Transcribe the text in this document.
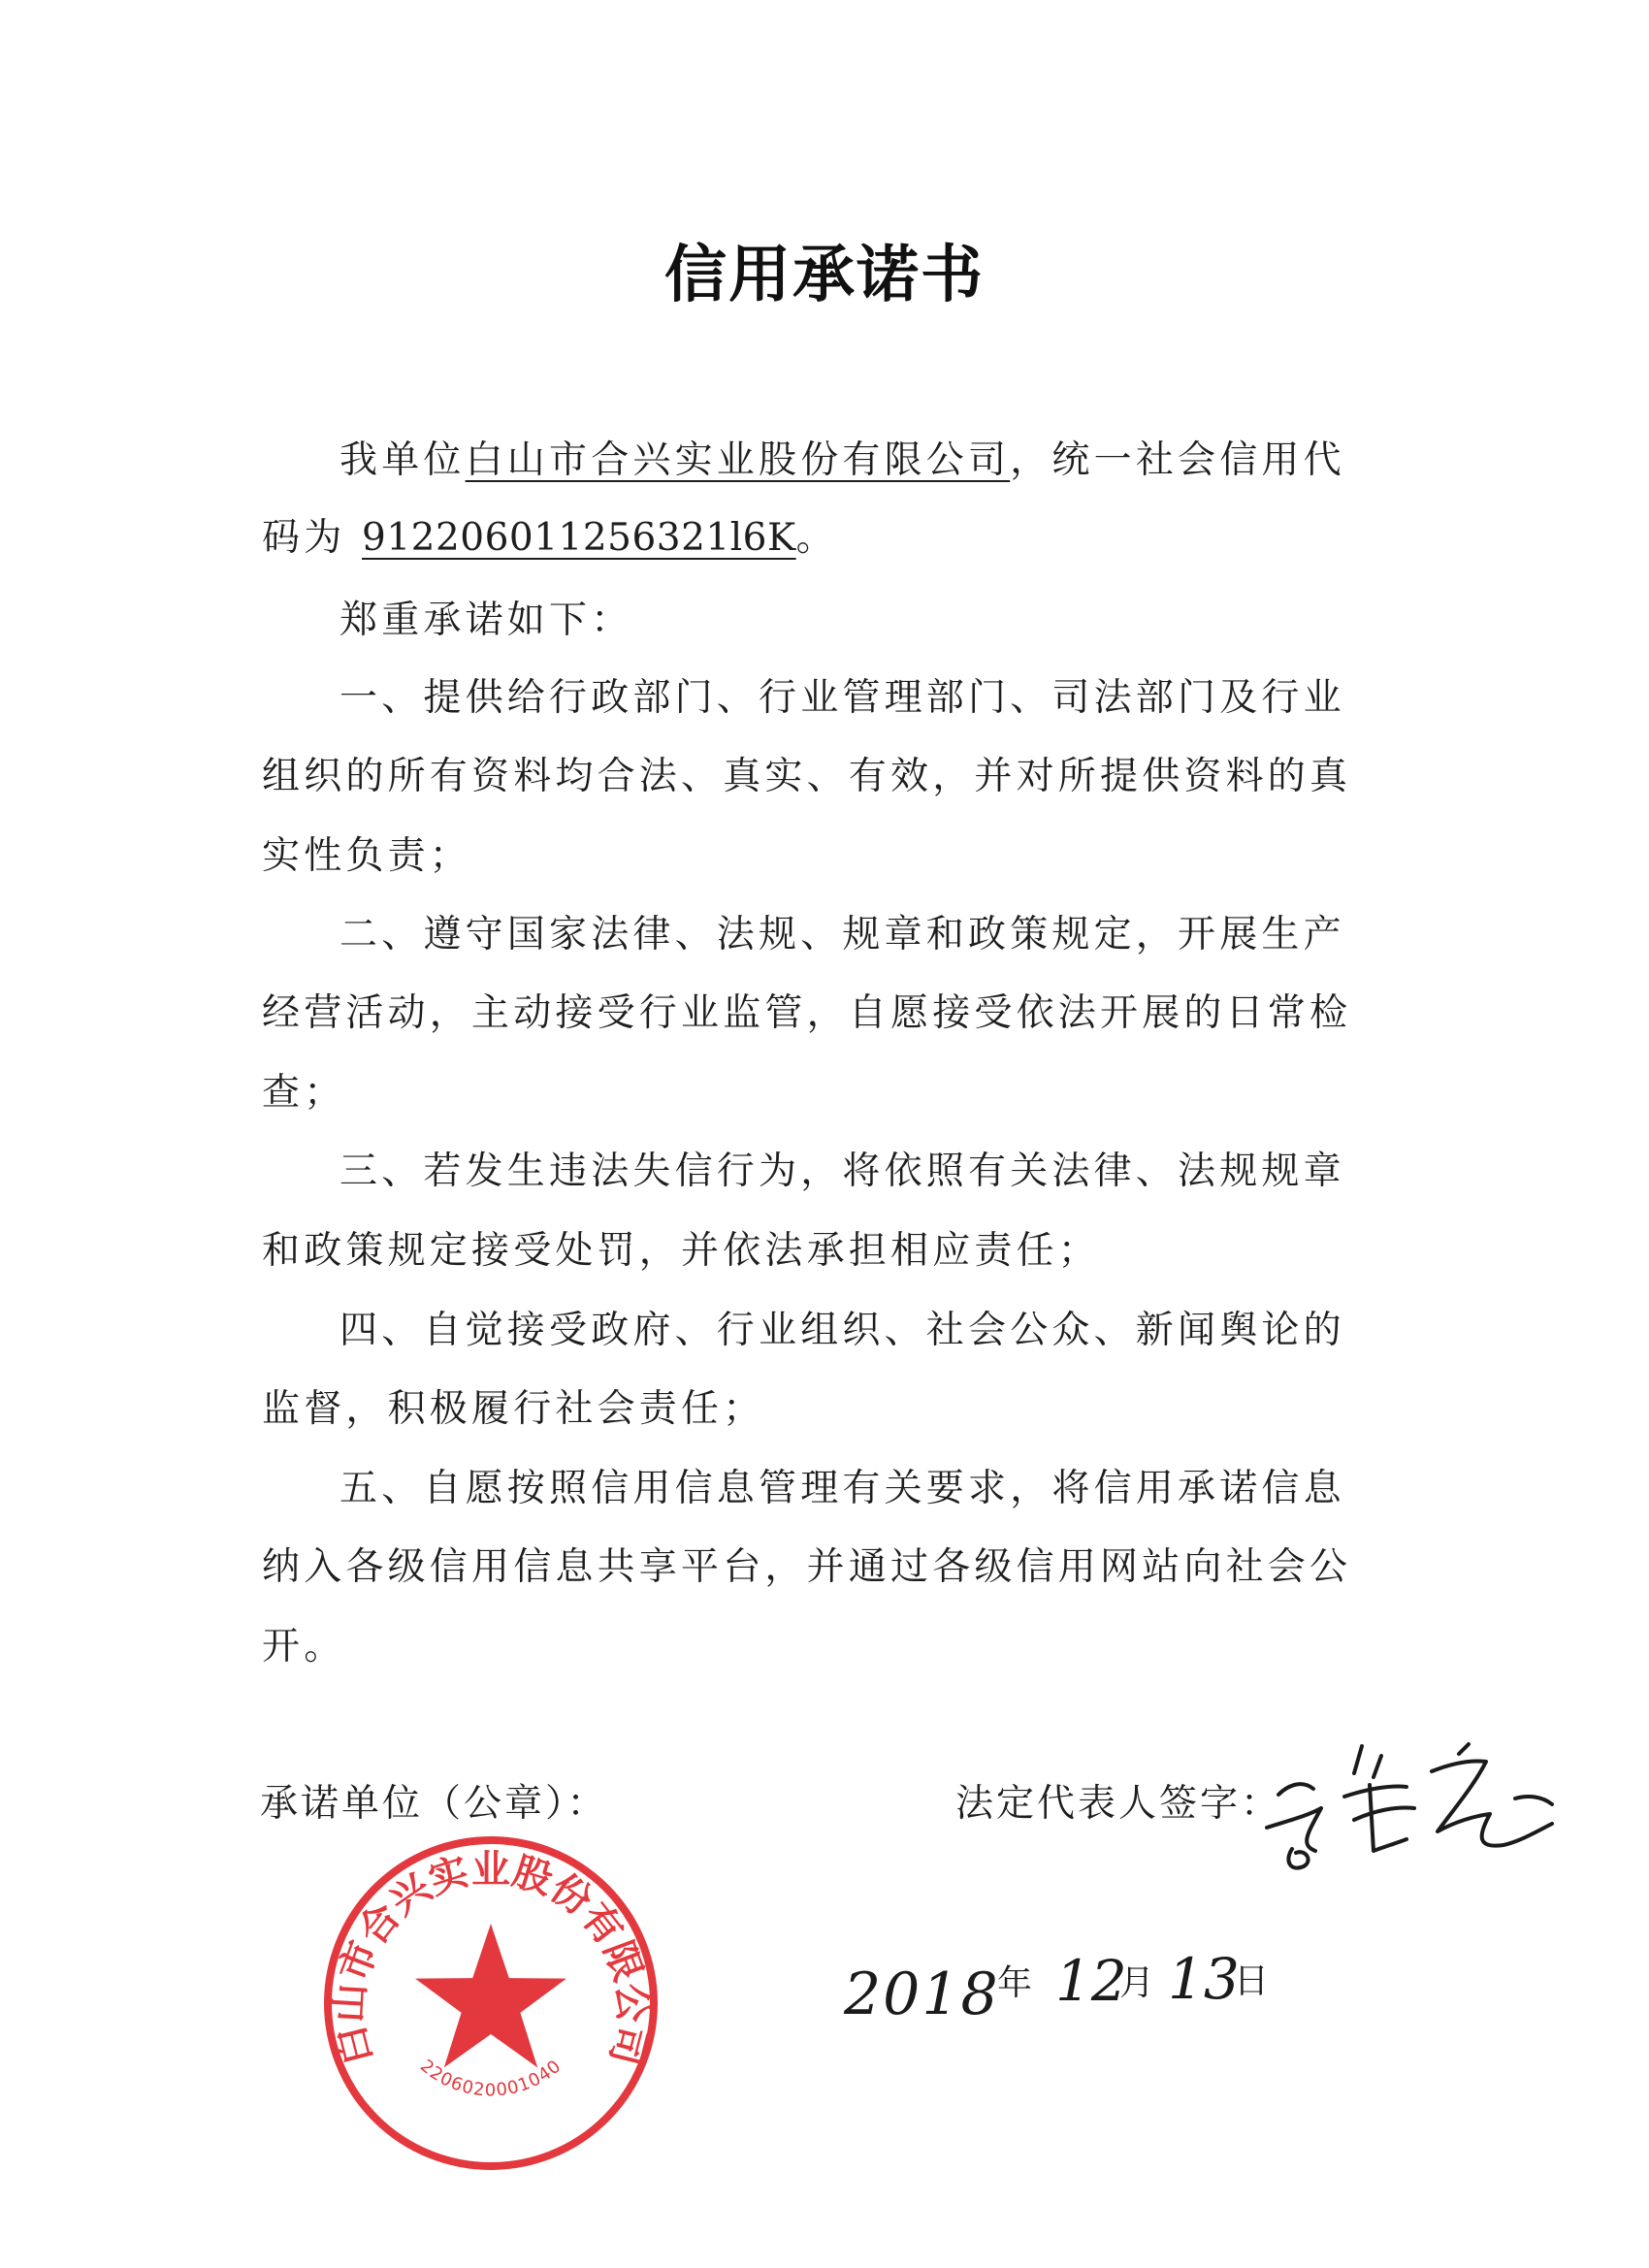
信用承诺书
我单位白山市合兴实业股份有限公司，统一社会信用代
码为 912206011256321l6K。
郑重承诺如下：
一、提供给行政部门、行业管理部门、司法部门及行业
组织的所有资料均合法、真实、有效，并对所提供资料的真
实性负责；
二、遵守国家法律、法规、规章和政策规定，开展生产
经营活动，主动接受行业监管，自愿接受依法开展的日常检
查；
三、若发生违法失信行为，将依照有关法律、法规规章
和政策规定接受处罚，并依法承担相应责任；
四、自觉接受政府、行业组织、社会公众、新闻舆论的
监督，积极履行社会责任；
五、自愿按照信用信息管理有关要求，将信用承诺信息
纳入各级信用信息共享平台，并通过各级信用网站向社会公
开。
承诺单位（公章）：	法定代表人签字：
2018
年 12
月 13
日
白山市合兴实业股份有限公司
2206020001040
